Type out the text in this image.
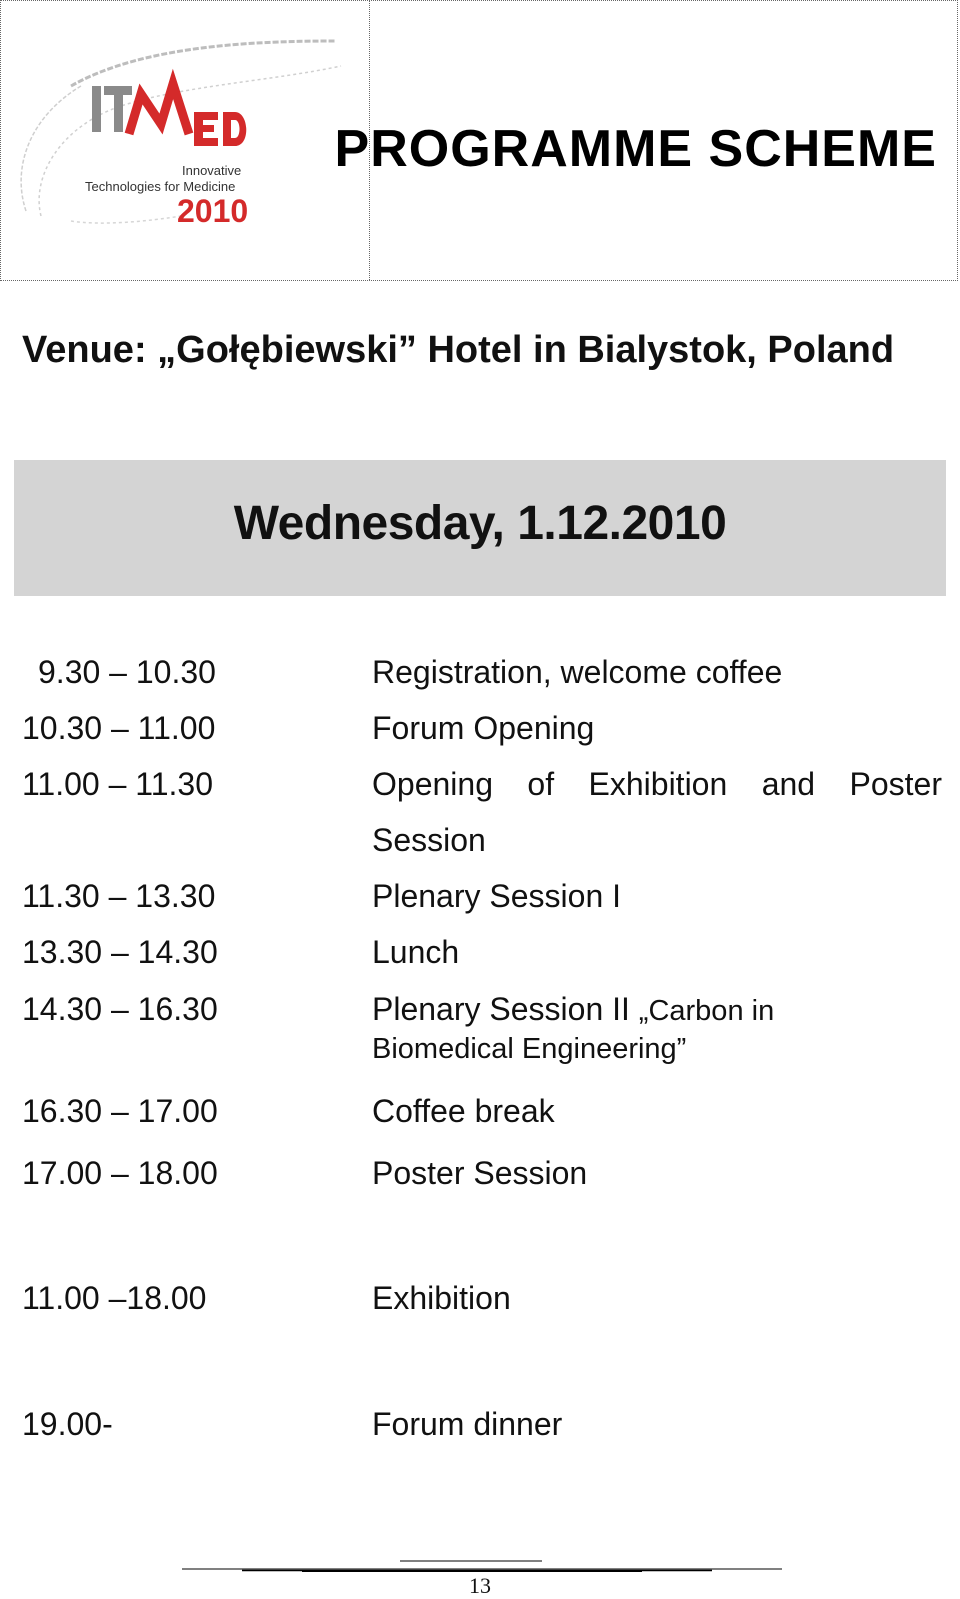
Innovative
Technologies for Medicine
2010
PROGRAMME SCHEME
Venue: „Gołębiewski” Hotel in Bialystok, Poland
Wednesday, 1.12.2010
9.30 – 10.30	Registration, welcome coffee
10.30 – 11.00	Forum Opening
11.00 – 11.30	Opening of Exhibition and Poster
Session
11.30 – 13.30	Plenary Session I
13.30 – 14.30	Lunch
14.30 – 16.30	Plenary Session II „Carbon in
Biomedical Engineering”
16.30 – 17.00	Coffee break
17.00 – 18.00	Poster Session
11.00 –18.00	Exhibition
19.00-	Forum dinner
13
